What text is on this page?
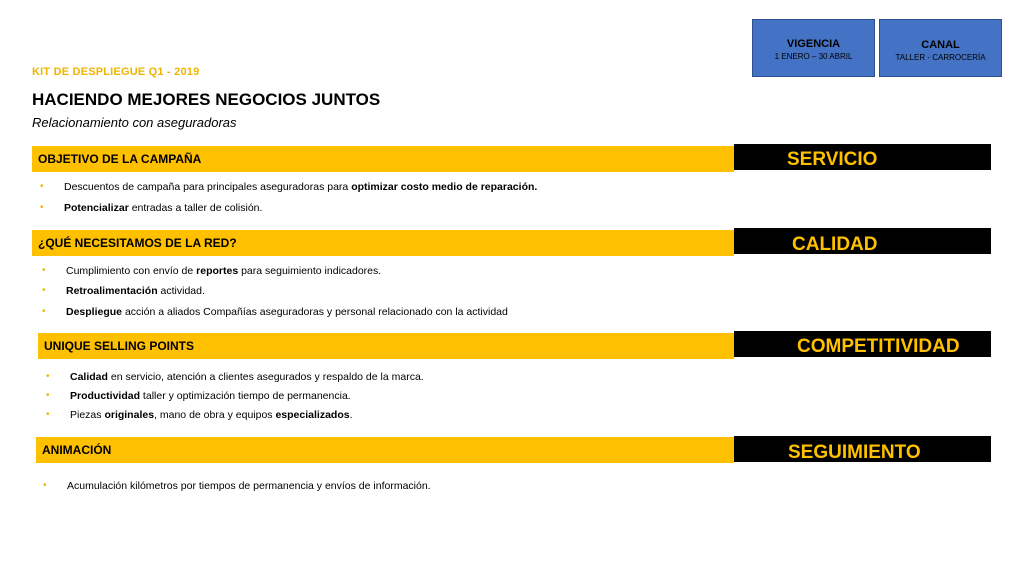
KIT DE DESPLIEGUE Q1 - 2019
HACIENDO MEJORES NEGOCIOS JUNTOS
Relacionamiento con aseguradoras
VIGENCIA
1 ENERO – 30 ABRIL
CANAL
TALLER - CARROCERÍA
OBJETIVO DE LA CAMPAÑA	SERVICIO
• Descuentos de campaña para principales aseguradoras para optimizar costo medio de reparación.
• Potencializar entradas a taller de colisión.
¿QUÉ NECESITAMOS DE LA RED?	CALIDAD
• Cumplimiento con envío de reportes para seguimiento indicadores.
• Retroalimentación actividad.
• Despliegue acción a aliados Compañías aseguradoras y personal relacionado con la actividad
UNIQUE SELLING POINTS	COMPETITIVIDAD
• Calidad en servicio, atención a clientes asegurados y respaldo de la marca.
• Productividad taller y optimización tiempo de permanencia.
• Piezas originales, mano de obra y equipos especializados.
ANIMACIÓN	SEGUIMIENTO
• Acumulación kilómetros por tiempos de permanencia y envíos de información.
